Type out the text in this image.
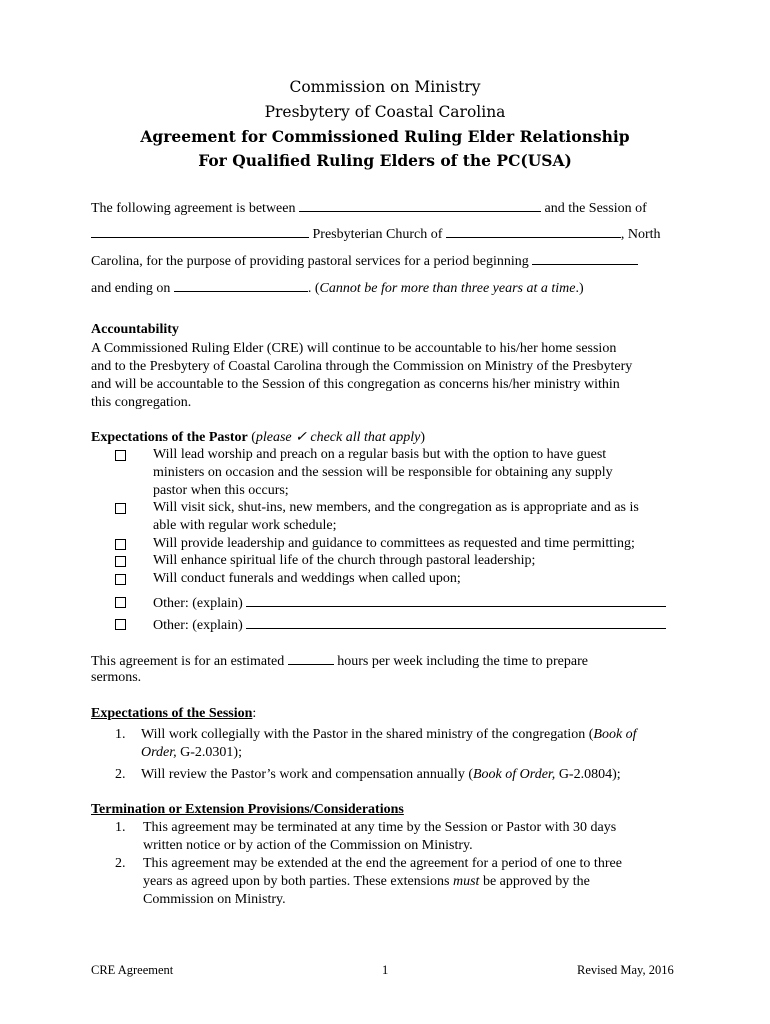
Commission on Ministry
Presbytery of Coastal Carolina
Agreement for Commissioned Ruling Elder Relationship
For Qualified Ruling Elders of the PC(USA)
The following agreement is between	and the Session of
Presbyterian Church of	, North
Carolina, for the purpose of providing pastoral services for a period beginning
and ending on	. (Cannot be for more than three years at a time.)
Accountability
A Commissioned Ruling Elder (CRE) will continue to be accountable to his/her home session
and to the Presbytery of Coastal Carolina through the Commission on Ministry of the Presbytery
and will be accountable to the Session of this congregation as concerns his/her ministry within
this congregation.
Expectations of the Pastor (please ✓ check all that apply)
Will lead worship and preach on a regular basis but with the option to have guest
ministers on occasion and the session will be responsible for obtaining any supply
pastor when this occurs;
Will visit sick, shut-ins, new members, and the congregation as is appropriate and as is
able with regular work schedule;
Will provide leadership and guidance to committees as requested and time permitting;
Will enhance spiritual life of the church through pastoral leadership;
Will conduct funerals and weddings when called upon;
Other: (explain)
Other: (explain)
This agreement is for an estimated	hours per week including the time to prepare
sermons.
Expectations of the Session:
1. Will work collegially with the Pastor in the shared ministry of the congregation (Book of
Order, G-2.0301);
2. Will review the Pastor’s work and compensation annually (Book of Order, G-2.0804);
Termination or Extension Provisions/Considerations
1. This agreement may be terminated at any time by the Session or Pastor with 30 days
written notice or by action of the Commission on Ministry.
2. This agreement may be extended at the end the agreement for a period of one to three
years as agreed upon by both parties. These extensions must be approved by the
Commission on Ministry.
CRE Agreement	1	Revised May, 2016
